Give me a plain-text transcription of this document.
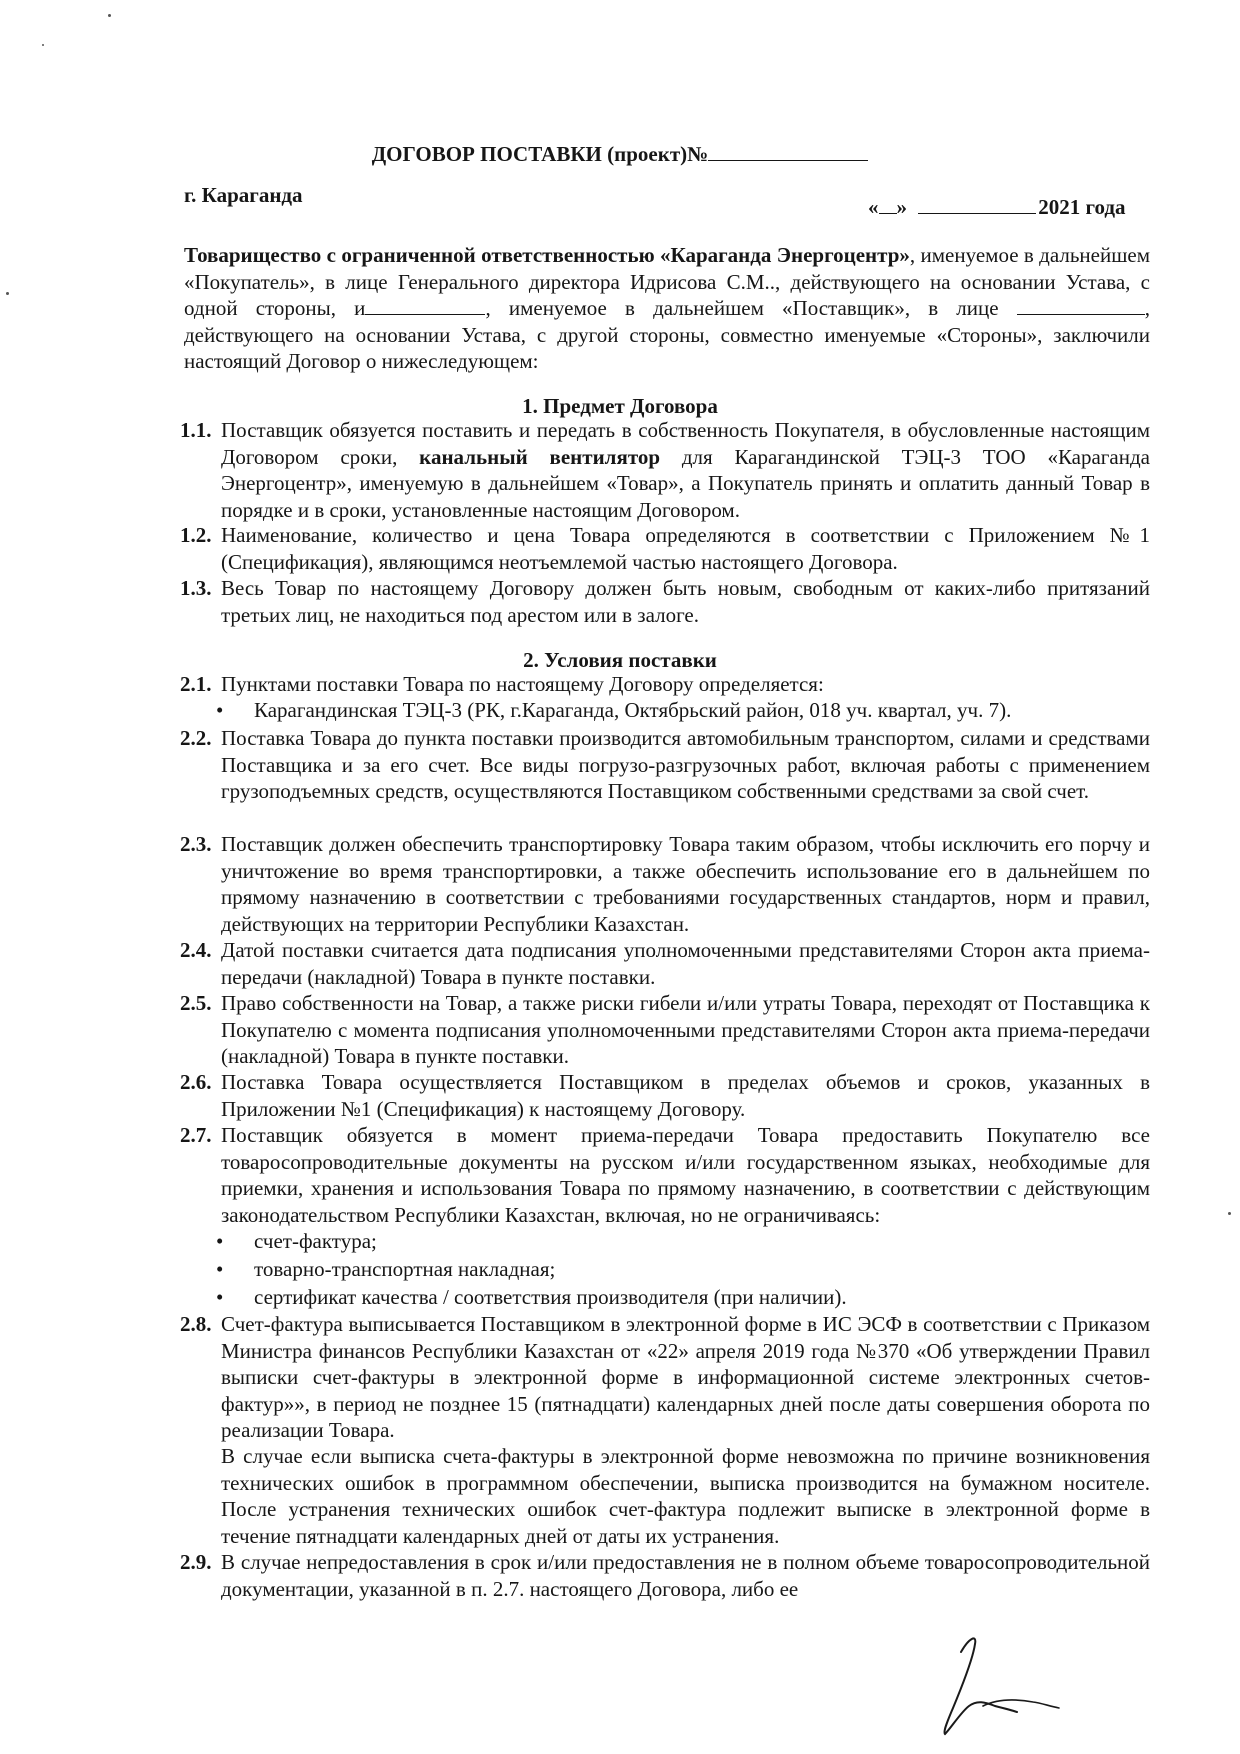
ДОГОВОР ПОСТАВКИ (проект)№
г. Караганда	« »	2021 года

Товарищество с ограниченной ответственностью «Караганда Энергоцентр», именуемое в дальнейшем «Покупатель», в лице Генерального директора Идрисова С.М.., действующего на основании Устава, с одной стороны, и	, именуемое в дальнейшем «Поставщик», в лице	, действующего на основании Устава, с другой стороны, совместно именуемые «Стороны», заключили настоящий Договор о нижеследующем:

1. Предмет Договора
1.1. Поставщик обязуется поставить и передать в собственность Покупателя, в обусловленные настоящим Договором сроки, канальный вентилятор для Карагандинской ТЭЦ-3 ТОО «Караганда Энергоцентр», именуемую в дальнейшем «Товар», а Покупатель принять и оплатить данный Товар в порядке и в сроки, установленные настоящим Договором.
1.2. Наименование, количество и цена Товара определяются в соответствии с Приложением №1 (Спецификация), являющимся неотъемлемой частью настоящего Договора.
1.3. Весь Товар по настоящему Договору должен быть новым, свободным от каких-либо притязаний третьих лиц, не находиться под арестом или в залоге.
2. Условия поставки
2.1. Пунктами поставки Товара по настоящему Договору определяется:
•	Карагандинская ТЭЦ-3 (РК, г.Караганда, Октябрьский район, 018 уч. квартал, уч. 7).
2.2. Поставка Товара до пункта поставки производится автомобильным транспортом, силами и средствами Поставщика и за его счет. Все виды погрузо-разгрузочных работ, включая работы с применением грузоподъемных средств, осуществляются Поставщиком собственными средствами за свой счет.
2.3. Поставщик должен обеспечить транспортировку Товара таким образом, чтобы исключить его порчу и уничтожение во время транспортировки, а также обеспечить использование его в дальнейшем по прямому назначению в соответствии с требованиями государственных стандартов, норм и правил, действующих на территории Республики Казахстан.
2.4. Датой поставки считается дата подписания уполномоченными представителями Сторон акта приема-передачи (накладной) Товара в пункте поставки.
2.5. Право собственности на Товар, а также риски гибели и/или утраты Товара, переходят от Поставщика к Покупателю с момента подписания уполномоченными представителями Сторон акта приема-передачи (накладной) Товара в пункте поставки.
2.6. Поставка Товара осуществляется Поставщиком в пределах объемов и сроков, указанных в Приложении №1 (Спецификация) к настоящему Договору.
2.7. Поставщик обязуется в момент приема-передачи Товара предоставить Покупателю все товаросопроводительные документы на русском и/или государственном языках, необходимые для приемки, хранения и использования Товара по прямому назначению, в соответствии с действующим законодательством Республики Казахстан, включая, но не ограничиваясь:
•	счет-фактура;
•	товарно-транспортная накладная;
•	сертификат качества / соответствия производителя (при наличии).
2.8. Счет-фактура выписывается Поставщиком в электронной форме в ИС ЭСФ в соответствии с Приказом Министра финансов Республики Казахстан от «22» апреля 2019 года №370 «Об утверждении Правил выписки счет-фактуры в электронной форме в информационной системе электронных счетов-фактур»», в период не позднее 15 (пятнадцати) календарных дней после даты совершения оборота по реализации Товара.

В случае если выписка счета-фактуры в электронной форме невозможна по причине возникновения технических ошибок в программном обеспечении, выписка производится на бумажном носителе. После устранения технических ошибок счет-фактура подлежит выписке в электронной форме в течение пятнадцати календарных дней от даты их устранения.

2.9. В случае непредоставления в срок и/или предоставления не в полном объеме товаросопроводительной документации, указанной в п. 2.7. настоящего Договора, либо ее
